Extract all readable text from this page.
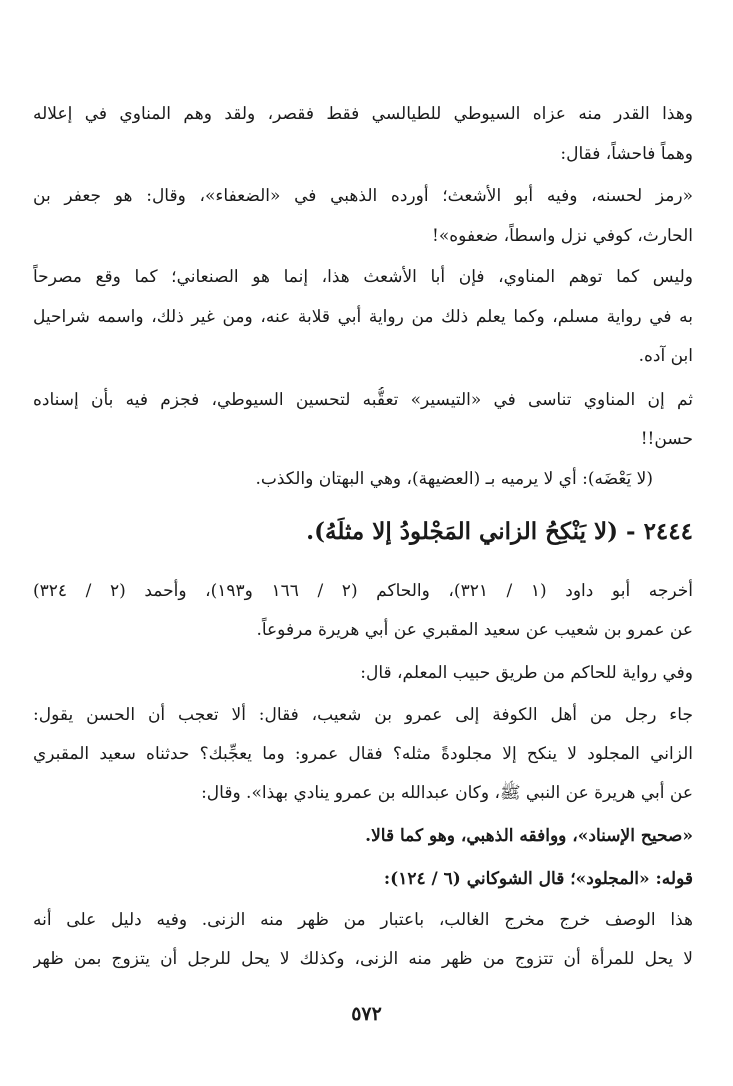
وهذا القدر منه عزاه السيوطي للطيالسي فقط فقصر، ولقد وهم المناوي في إعلاله
وهماً فاحشاً، فقال:
«رمز لحسنه، وفيه أبو الأشعث؛ أورده الذهبي في «الضعفاء»، وقال: هو جعفر بن
الحارث، كوفي نزل واسطاً، ضعفوه»!
وليس كما توهم المناوي، فإن أبا الأشعث هذا، إنما هو الصنعاني؛ كما وقع مصرحاً
به في رواية مسلم، وكما يعلم ذلك من رواية أبي قلابة عنه، ومن غير ذلك، واسمه شراحيل
ابن آده.
ثم إن المناوي تناسى في «التيسير» تعقُّبه لتحسين السيوطي، فجزم فيه بأن إسناده
حسن!!
(لا يَعْضَه): أي لا يرميه بـ (العضيهة)، وهي البهتان والكذب.
٢٤٤٤ - (لا يَنْكِحُ الزاني المَجْلودُ إلا مثلَهُ).
أخرجه أبو داود (١ / ٣٢١)، والحاكم (٢ / ١٦٦ و١٩٣)، وأحمد (٢ / ٣٢٤)
عن عمرو بن شعيب عن سعيد المقبري عن أبي هريرة مرفوعاً.
وفي رواية للحاكم من طريق حبيب المعلم، قال:
جاء رجل من أهل الكوفة إلى عمرو بن شعيب، فقال: ألا تعجب أن الحسن يقول:
الزاني المجلود لا ينكح إلا مجلودةً مثله؟ فقال عمرو: وما يعجِّبك؟ حدثناه سعيد المقبري
عن أبي هريرة عن النبي ﷺ، وكان عبدالله بن عمرو ينادي بهذا». وقال:
«صحيح الإسناد»، ووافقه الذهبي، وهو كما قالا.
قوله: «المجلود»؛ قال الشوكاني (٦ / ١٢٤):
هذا الوصف خرج مخرج الغالب، باعتبار من ظهر منه الزنى. وفيه دليل على أنه
لا يحل للمرأة أن تتزوج من ظهر منه الزنى، وكذلك لا يحل للرجل أن يتزوج بمن ظهر
٥٧٢
